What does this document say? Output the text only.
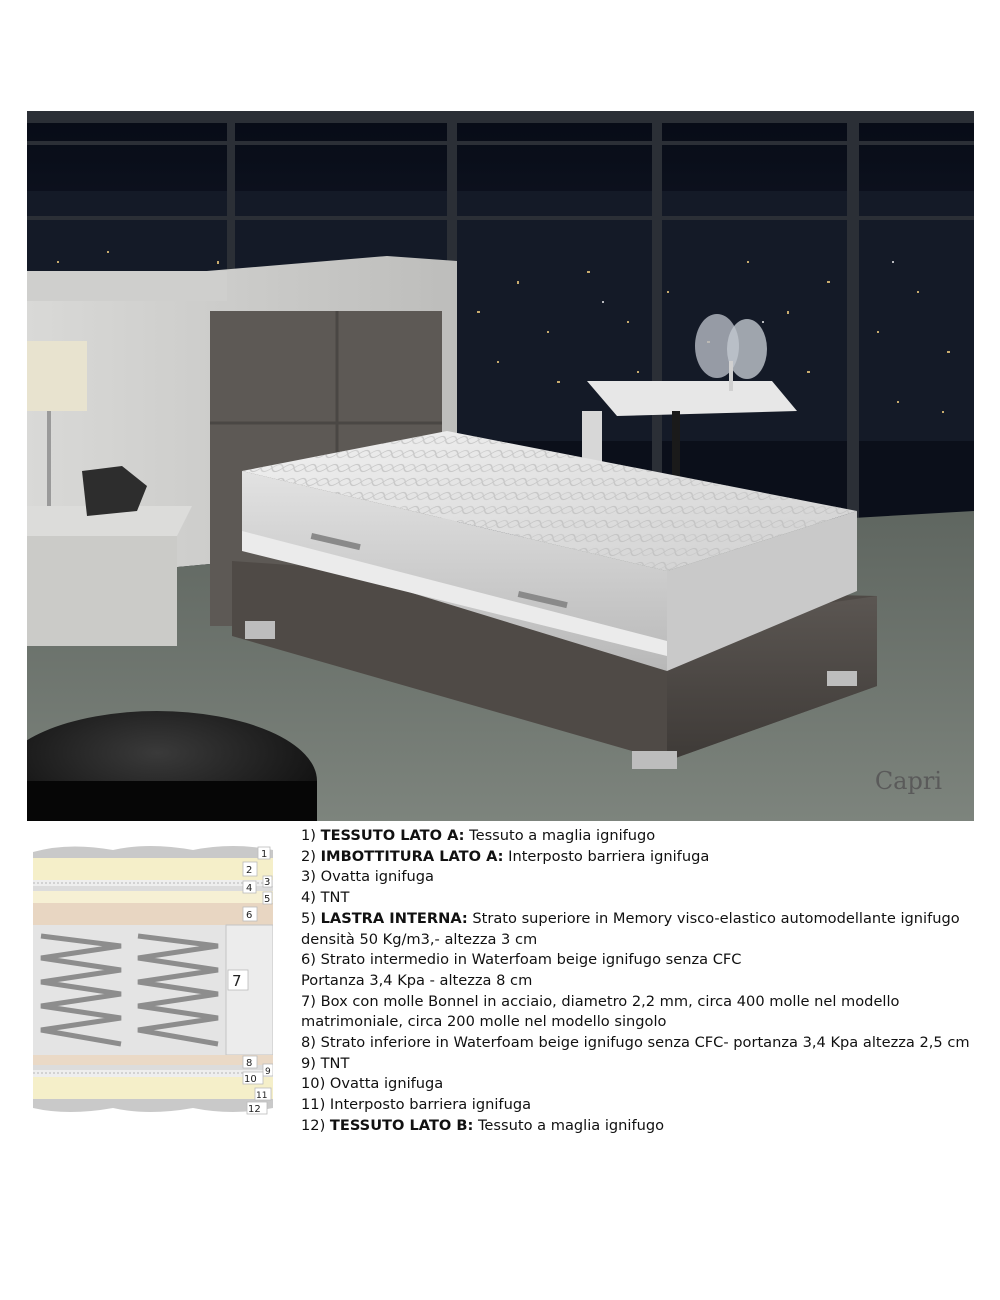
Capri
1
2
3
4
5
6
7
8
9
10
11
12
1) TESSUTO LATO A: Tessuto a maglia ignifugo
2) IMBOTTITURA LATO A: Interposto barriera ignifuga
3) Ovatta ignifuga
4) TNT
5) LASTRA INTERNA: Strato superiore in Memory visco-elastico automodellante ignifugo densità 50 Kg/m3,- altezza 3 cm
6) Strato intermedio in Waterfoam beige ignifugo senza CFC
Portanza 3,4 Kpa - altezza 8 cm
7) Box con molle Bonnel in acciaio, diametro 2,2 mm, circa 400 molle nel modello matrimoniale, circa 200 molle nel modello singolo
8) Strato inferiore in Waterfoam beige ignifugo senza CFC- portanza 3,4 Kpa altezza 2,5 cm
9) TNT
10) Ovatta ignifuga
11) Interposto barriera ignifuga
12) TESSUTO LATO B: Tessuto a maglia ignifugo
